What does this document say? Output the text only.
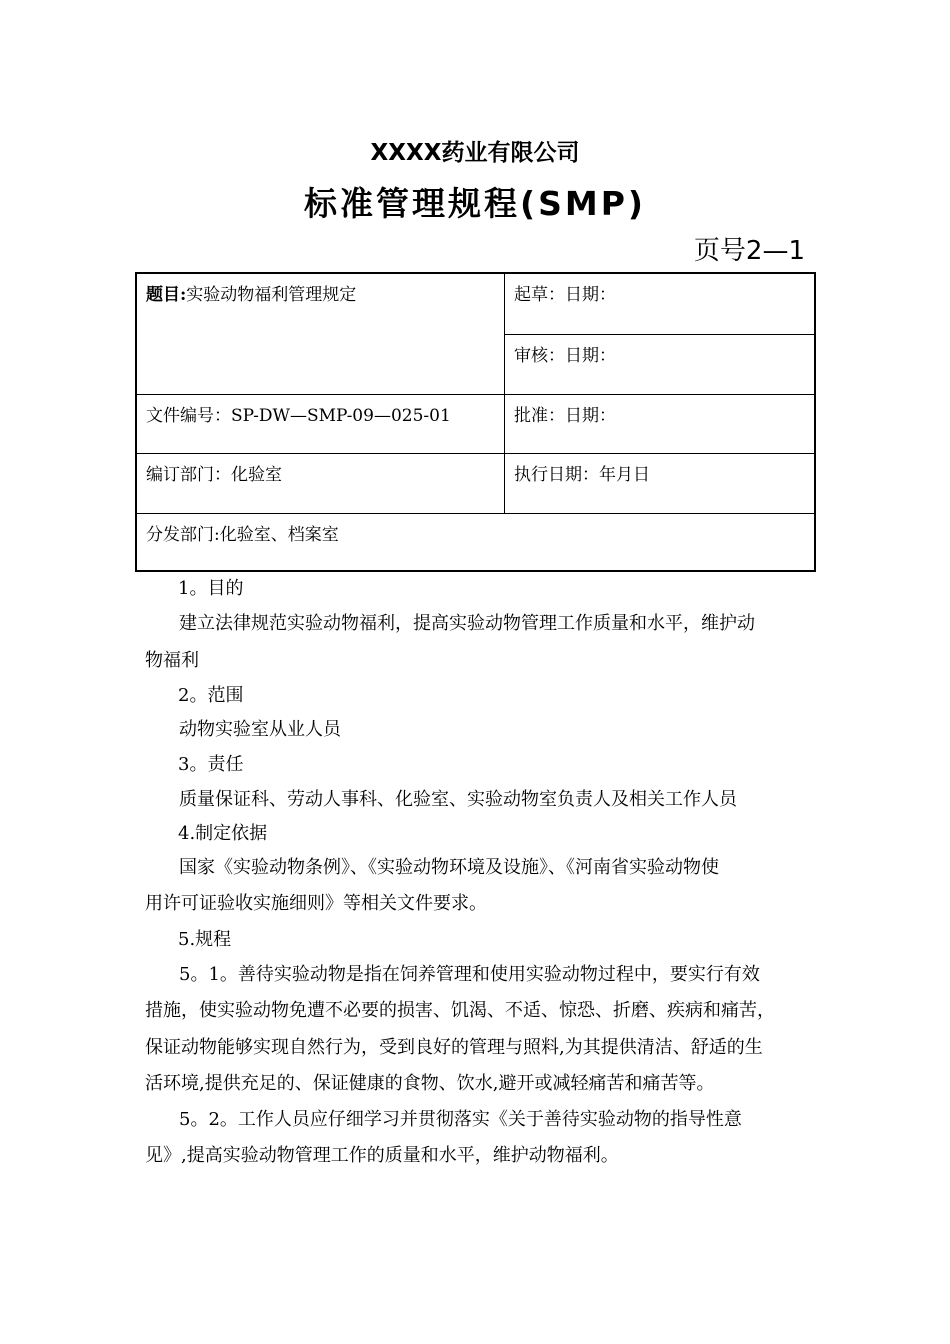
XXXX药业有限公司
标准管理规程(SMP)
页号2—1
题目:实验动物福利管理规定	起草：日期：
审核：日期：
文件编号：SP-DW—SMP-09—025-01	批准：日期：
编订部门：化验室	执行日期：年月日
分发部门:化验室、档案室
1。目的
建立法律规范实验动物福利，提高实验动物管理工作质量和水平，维护动
物福利
2。范围
动物实验室从业人员
3。责任
质量保证科、劳动人事科、化验室、实验动物室负责人及相关工作人员
4.制定依据
国家《实验动物条例》、《实验动物环境及设施》、《河南省实验动物使
用许可证验收实施细则》等相关文件要求。
5.规程
5。1。善待实验动物是指在饲养管理和使用实验动物过程中，要实行有效
措施，使实验动物免遭不必要的损害、饥渴、不适、惊恐、折磨、疾病和痛苦，
保证动物能够实现自然行为，受到良好的管理与照料,为其提供清洁、舒适的生
活环境,提供充足的、保证健康的食物、饮水,避开或减轻痛苦和痛苦等。
5。2。工作人员应仔细学习并贯彻落实《关于善待实验动物的指导性意
见》,提高实验动物管理工作的质量和水平，维护动物福利。
